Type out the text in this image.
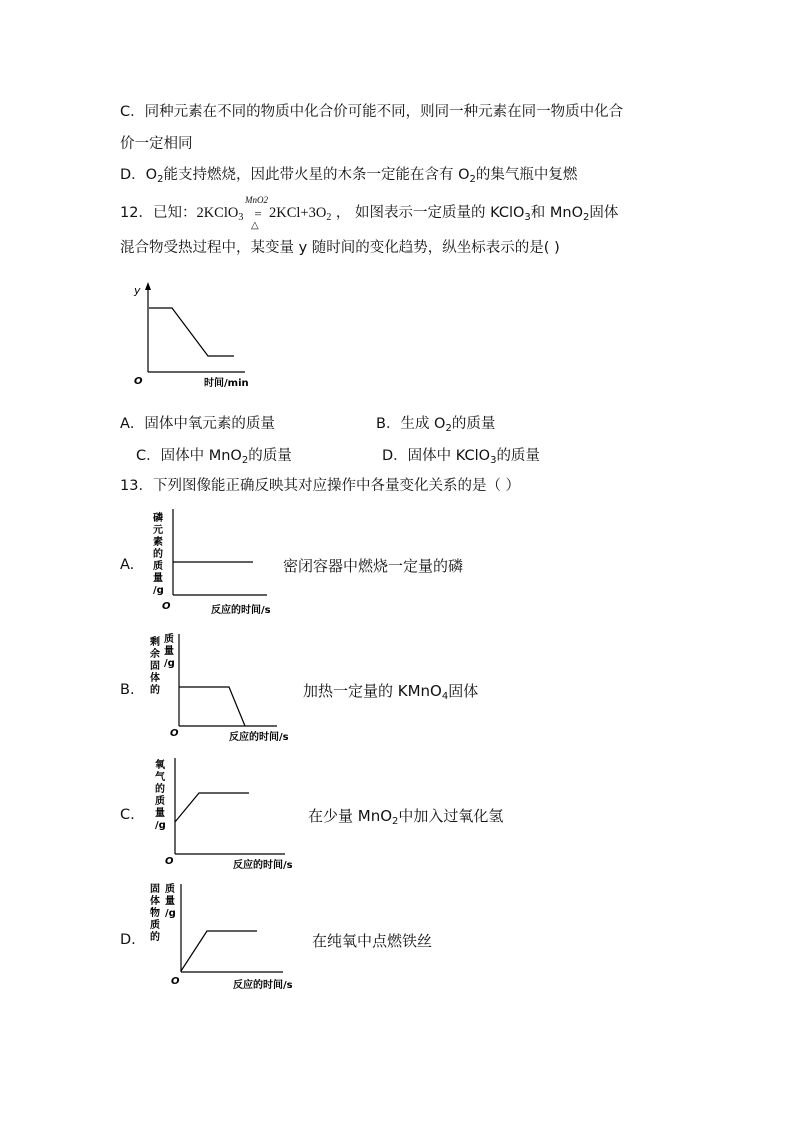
C．同种元素在不同的物质中化合价可能不同，则同一种元素在同一物质中化合
价一定相同
D．$O_2$能支持燃烧，因此带火星的木条一定能在含有 $O_2$的集气瓶中复燃
12．已知：2KClO$_3$
MnO2
=
△
$2KCl+3O_2$ ， 如图表示一定质量的 KClO$_3$和 MnO$_2$固体
混合物受热过程中，某变量 y 随时间的变化趋势，纵坐标表示的是( )
y
O	时间/min
A．固体中氧元素的质量	B．生成 $O_2$的质量
C．固体中 MnO$_2$的质量	D．固体中 KClO$_3$的质量
13．下列图像能正确反映其对应操作中各量变化关系的是（ ）
A.
磷
元
素
的
质
量
/g
O	反应的时间/s
密闭容器中燃烧一定量的磷
B.
剩
余
固
体
的
质
量
/g
O	反应的时间/s
加热一定量的 KMnO$_4$固体
C.
氧
气
的
质
量
/g
O	反应的时间/s
在少量 MnO$_2$中加入过氧化氢
D.
固
体
物
质
的
质
量
/g
O	反应的时间/s
在纯氧中点燃铁丝
